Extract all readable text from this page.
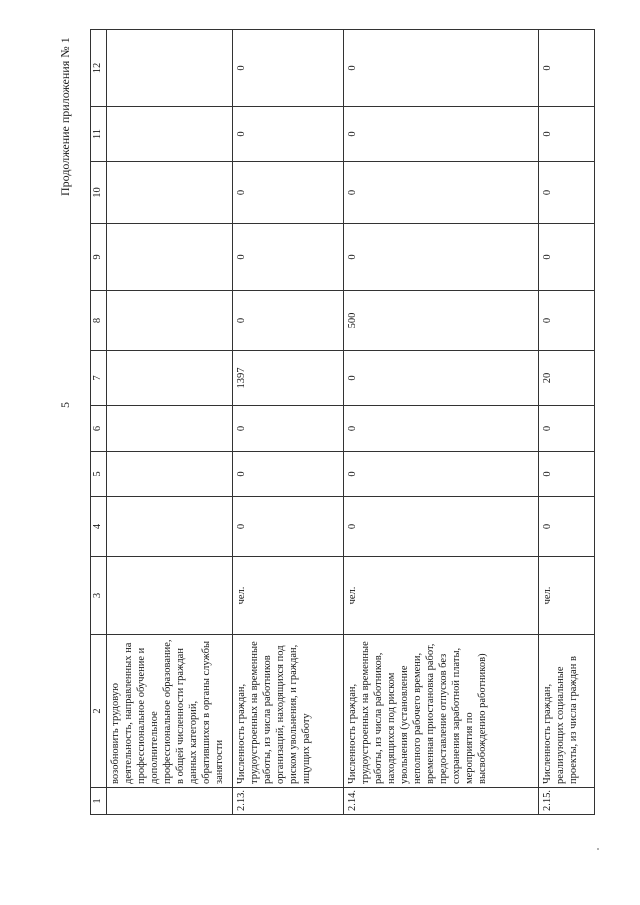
5
Продолжение приложения № 1
1	2	3	4	5	6	7	8	9	10	11	12
	возобновить трудовую деятельность, направленных на профессиональное обучение и дополнительное профессиональное образование, в общей численности граждан данных категорий, обратившихся в органы службы занятости										
2.13.	Численность граждан, трудоустроенных на временные работы, из числа работников организаций, находящихся под риском увольнения, и граждан, ищущих работу	чел.	0	0	0	1397	0	0	0	0	0
2.14.	Численность граждан, трудоустроенных на временные работы, из числа работников, находящихся под риском увольнения (установление неполного рабочего времени, временная приостановка работ, предоставление отпусков без сохранения заработной платы, мероприятия по высвобождению работников)	чел.	0	0	0	0	500	0	0	0	0
2.15.	Численность граждан, реализующих социальные проекты, из числа граждан в	чел.	0	0	0	20	0	0	0	0	0
